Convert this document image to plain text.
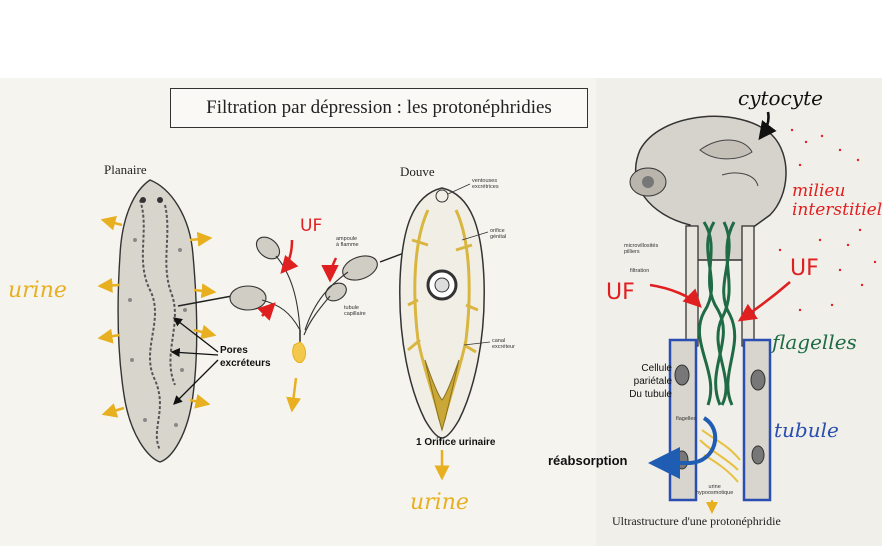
Filtration par dépression : les protonéphridies
Planaire
urine
Pores
excréteurs
UF
ampoule
à flamme
tubule
capillaire
Douve
ventouses
excrétrices
orifice
génital
canal
excréteur
1 Orifice urinaire
urine
cytocyte
milieu
interstitiel
UF
UF
flagelles
tubule
Cellule
pariétale
Du tubule
réabsorption
microvillosités
pilliers
filtration
flagelles
urine
hypoosmotique
Ultrastructure d'une protonéphridie
